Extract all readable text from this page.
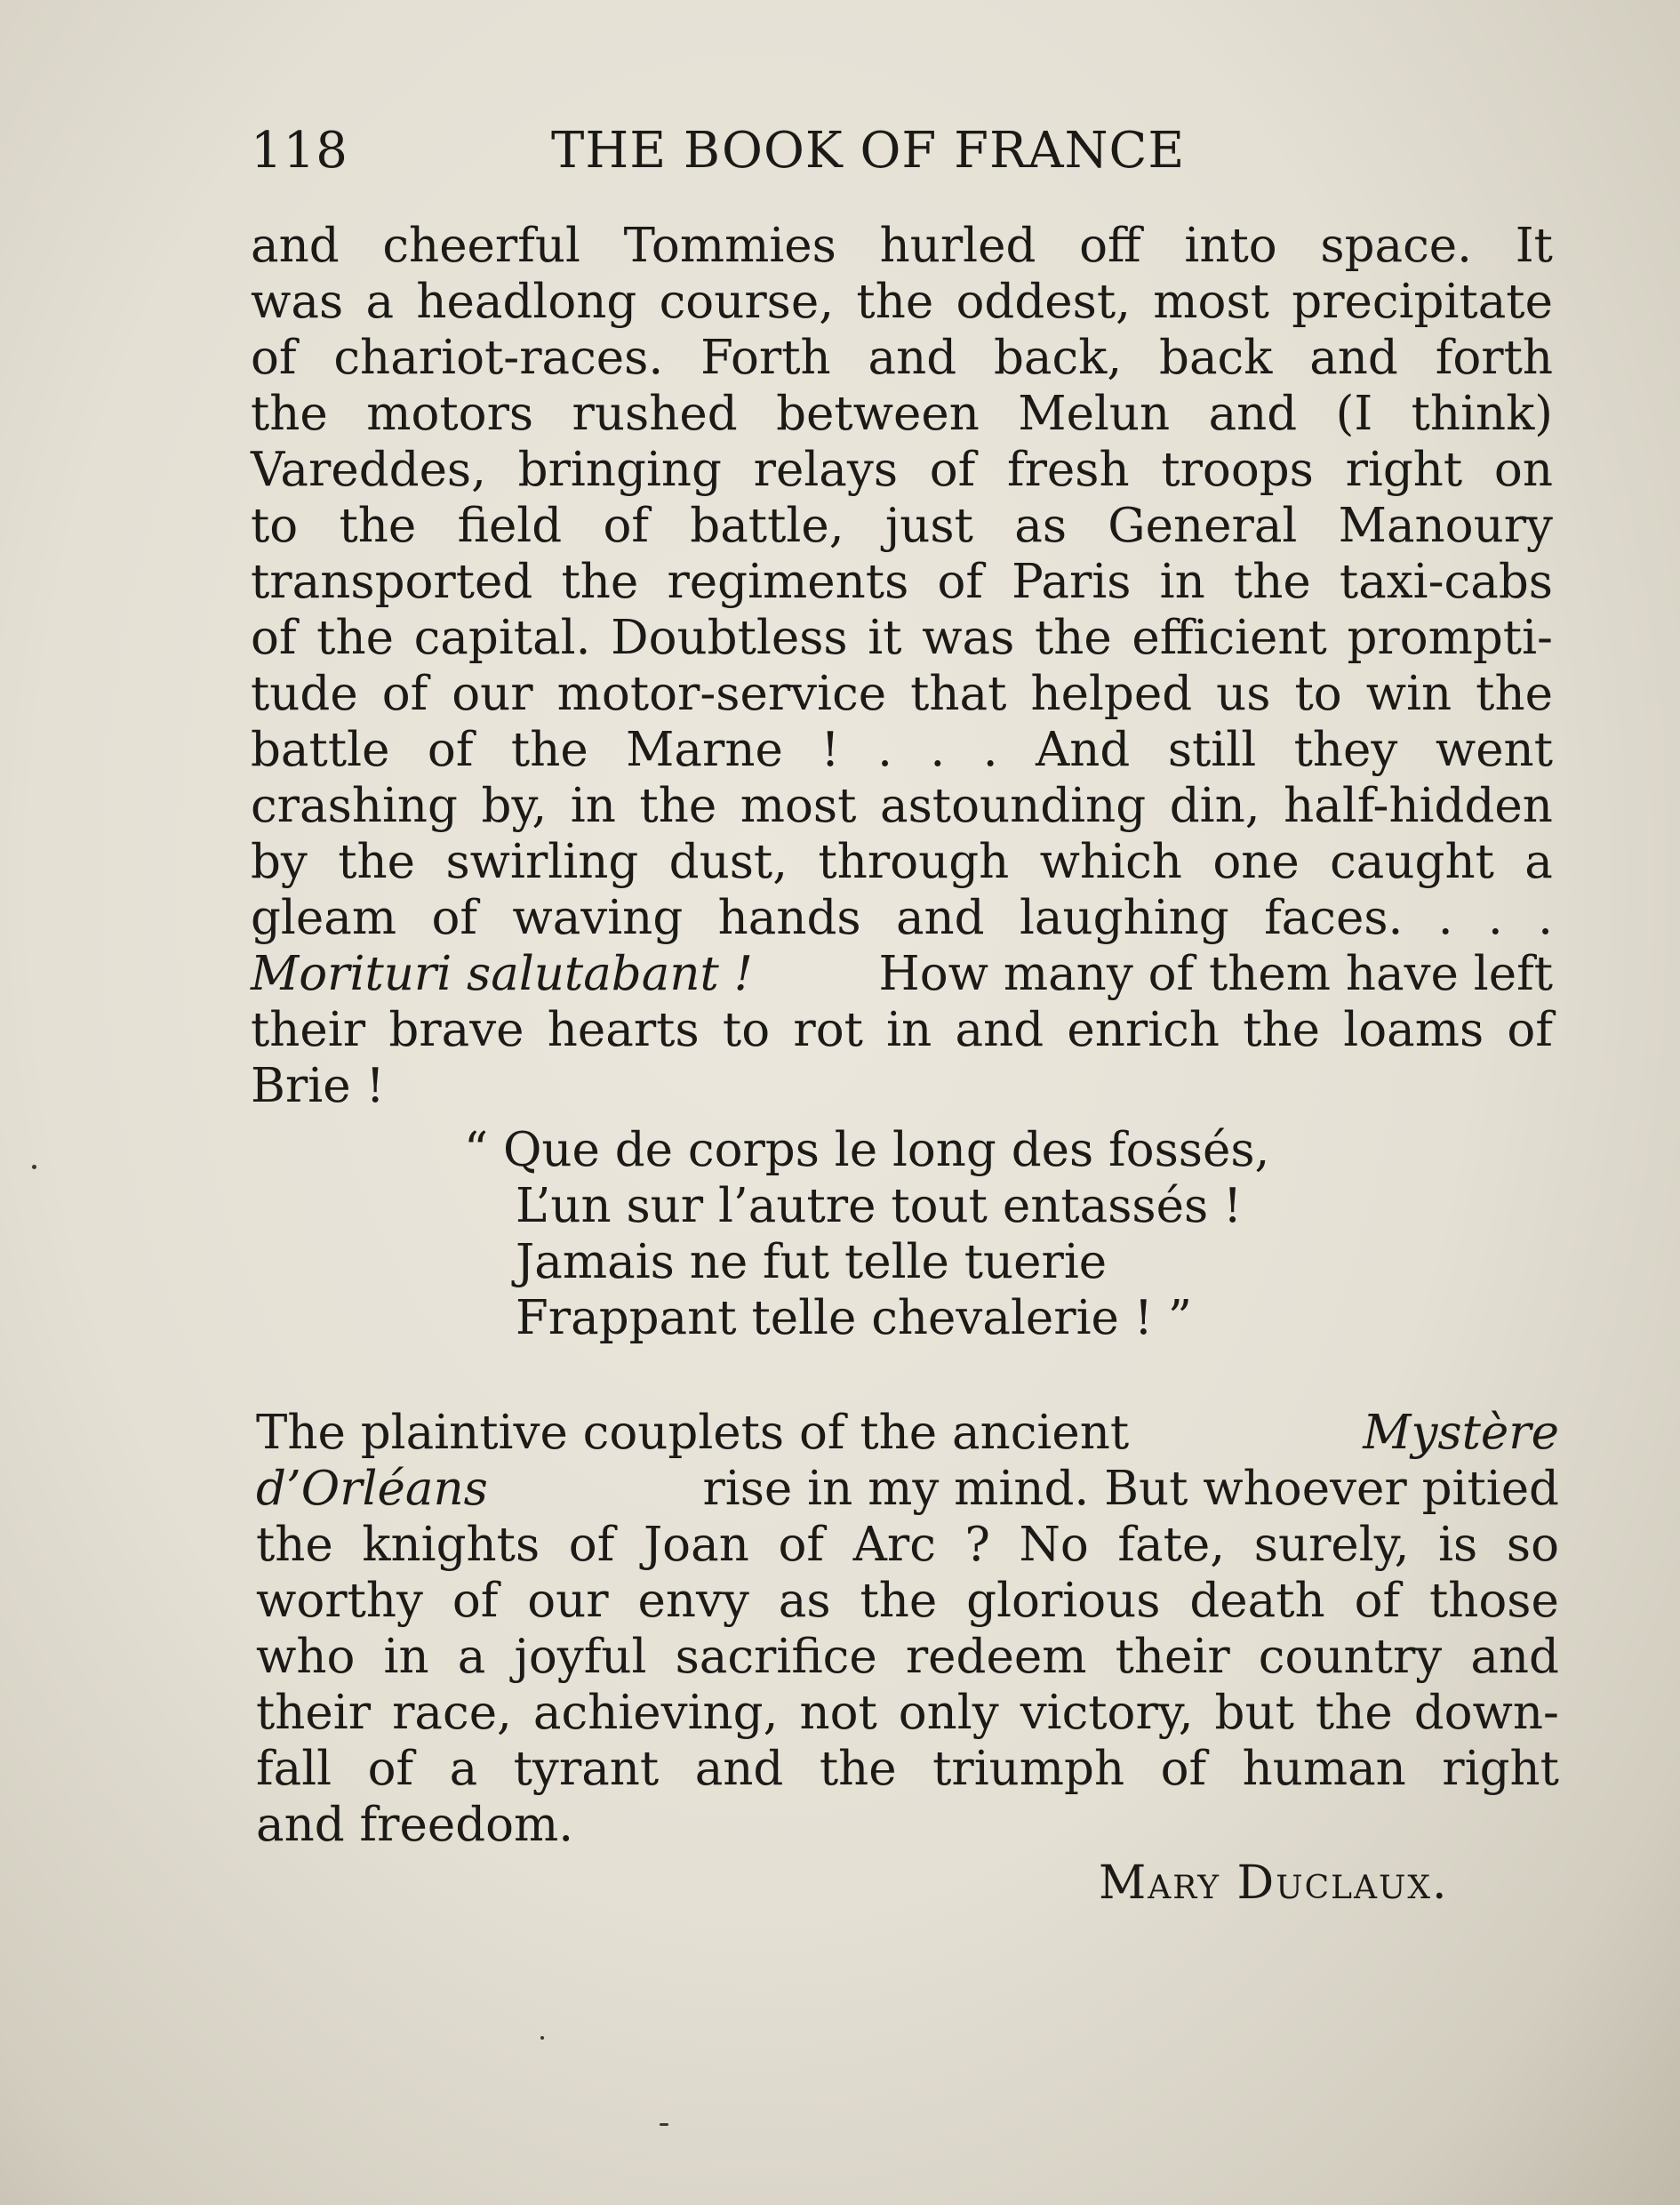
118	THE BOOK OF FRANCE
and cheerful Tommies hurled off into space. It
was a headlong course, the oddest, most precipitate
of chariot-races. Forth and back, back and forth
the motors rushed between Melun and (I think)
Vareddes, bringing relays of fresh troops right on
to the field of battle, just as General Manoury
transported the regiments of Paris in the taxi-cabs
of the capital. Doubtless it was the efficient prompti-
tude of our motor-service that helped us to win the
battle of the Marne ! . . . And still they went
crashing by, in the most astounding din, half-hidden
by the swirling dust, through which one caught a
gleam of waving hands and laughing faces. . . .
Morituri salutabant !	How many of them have left
their brave hearts to rot in and enrich the loams of
Brie !
“ Que de corps le long des fossés,
L’un sur l’autre tout entassés !
Jamais ne fut telle tuerie
Frappant telle chevalerie ! ”
The plaintive couplets of the ancient	Mystère
d’Orléans	rise in my mind. But whoever pitied
the knights of Joan of Arc ? No fate, surely, is so
worthy of our envy as the glorious death of those
who in a joyful sacrifice redeem their country and
their race, achieving, not only victory, but the down-
fall of a tyrant and the triumph of human right
and freedom.
Mary Duclaux.
